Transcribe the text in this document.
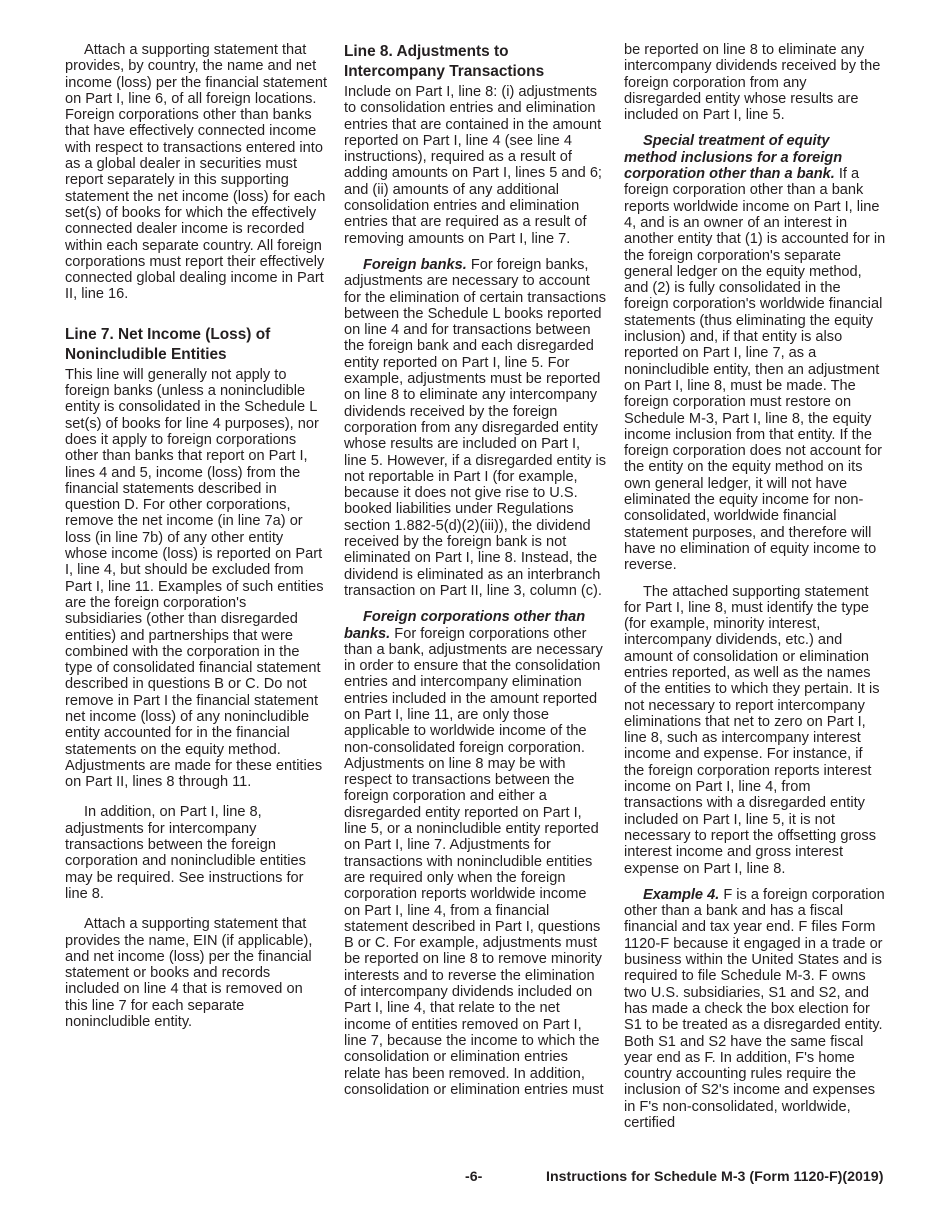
Attach a supporting statement that provides, by country, the name and net income (loss) per the financial statement on Part I, line 6, of all foreign locations. Foreign corporations other than banks that have effectively connected income with respect to transactions entered into as a global dealer in securities must report separately in this supporting statement the net income (loss) for each set(s) of books for which the effectively connected dealer income is recorded within each separate country. All foreign corporations must report their effectively connected global dealing income in Part II, line 16.

Line 7. Net Income (Loss) of Nonincludible Entities

This line will generally not apply to foreign banks (unless a nonincludible entity is consolidated in the Schedule L set(s) of books for line 4 purposes), nor does it apply to foreign corporations other than banks that report on Part I, lines 4 and 5, income (loss) from the financial statements described in question D. For other corporations, remove the net income (in line 7a) or loss (in line 7b) of any other entity whose income (loss) is reported on Part I, line 4, but should be excluded from Part I, line 11. Examples of such entities are the foreign corporation's subsidiaries (other than disregarded entities) and partnerships that were combined with the corporation in the type of consolidated financial statement described in questions B or C. Do not remove in Part I the financial statement net income (loss) of any nonincludible entity accounted for in the financial statements on the equity method. Adjustments are made for these entities on Part II, lines 8 through 11.

In addition, on Part I, line 8, adjustments for intercompany transactions between the foreign corporation and nonincludible entities may be required. See instructions for line 8.

Attach a supporting statement that provides the name, EIN (if applicable), and net income (loss) per the financial statement or books and records included on line 4 that is removed on this line 7 for each separate nonincludible entity.

Line 8. Adjustments to Intercompany Transactions

Include on Part I, line 8: (i) adjustments to consolidation entries and elimination entries that are contained in the amount reported on Part I, line 4 (see line 4 instructions), required as a result of adding amounts on Part I, lines 5 and 6; and (ii) amounts of any additional consolidation entries and elimination entries that are required as a result of removing amounts on Part I, line 7.

Foreign banks. For foreign banks, adjustments are necessary to account for the elimination of certain transactions between the Schedule L books reported on line 4 and for transactions between the foreign bank and each disregarded entity reported on Part I, line 5. For example, adjustments must be reported on line 8 to eliminate any intercompany dividends received by the foreign corporation from any disregarded entity whose results are included on Part I, line 5. However, if a disregarded entity is not reportable in Part I (for example, because it does not give rise to U.S. booked liabilities under Regulations section 1.882-5(d)(2)(iii)), the dividend received by the foreign bank is not eliminated on Part I, line 8. Instead, the dividend is eliminated as an interbranch transaction on Part II, line 3, column (c).

Foreign corporations other than banks. For foreign corporations other than a bank, adjustments are necessary in order to ensure that the consolidation entries and intercompany elimination entries included in the amount reported on Part I, line 11, are only those applicable to worldwide income of the non-consolidated foreign corporation. Adjustments on line 8 may be with respect to transactions between the foreign corporation and either a disregarded entity reported on Part I, line 5, or a nonincludible entity reported on Part I, line 7. Adjustments for transactions with nonincludible entities are required only when the foreign corporation reports worldwide income on Part I, line 4, from a financial statement described in Part I, questions B or C. For example, adjustments must be reported on line 8 to remove minority interests and to reverse the elimination of intercompany dividends included on Part I, line 4, that relate to the net income of entities removed on Part I, line 7, because the income to which the consolidation or elimination entries relate has been removed. In addition, consolidation or elimination entries must

be reported on line 8 to eliminate any intercompany dividends received by the foreign corporation from any disregarded entity whose results are included on Part I, line 5.

Special treatment of equity method inclusions for a foreign corporation other than a bank. If a foreign corporation other than a bank reports worldwide income on Part I, line 4, and is an owner of an interest in another entity that (1) is accounted for in the foreign corporation's separate general ledger on the equity method, and (2) is fully consolidated in the foreign corporation's worldwide financial statements (thus eliminating the equity inclusion) and, if that entity is also reported on Part I, line 7, as a nonincludible entity, then an adjustment on Part I, line 8, must be made. The foreign corporation must restore on Schedule M-3, Part I, line 8, the equity income inclusion from that entity. If the foreign corporation does not account for the entity on the equity method on its own general ledger, it will not have eliminated the equity income for non-consolidated, worldwide financial statement purposes, and therefore will have no elimination of equity income to reverse.

The attached supporting statement for Part I, line 8, must identify the type (for example, minority interest, intercompany dividends, etc.) and amount of consolidation or elimination entries reported, as well as the names of the entities to which they pertain. It is not necessary to report intercompany eliminations that net to zero on Part I, line 8, such as intercompany interest income and expense. For instance, if the foreign corporation reports interest income on Part I, line 4, from transactions with a disregarded entity included on Part I, line 5, it is not necessary to report the offsetting gross interest income and gross interest expense on Part I, line 8.

Example 4. F is a foreign corporation other than a bank and has a fiscal financial and tax year end. F files Form 1120-F because it engaged in a trade or business within the United States and is required to file Schedule M-3. F owns two U.S. subsidiaries, S1 and S2, and has made a check the box election for S1 to be treated as a disregarded entity. Both S1 and S2 have the same fiscal year end as F. In addition, F's home country accounting rules require the inclusion of S2's income and expenses in F's non-consolidated, worldwide, certified

-6-	Instructions for Schedule M-3 (Form 1120-F)(2019)
